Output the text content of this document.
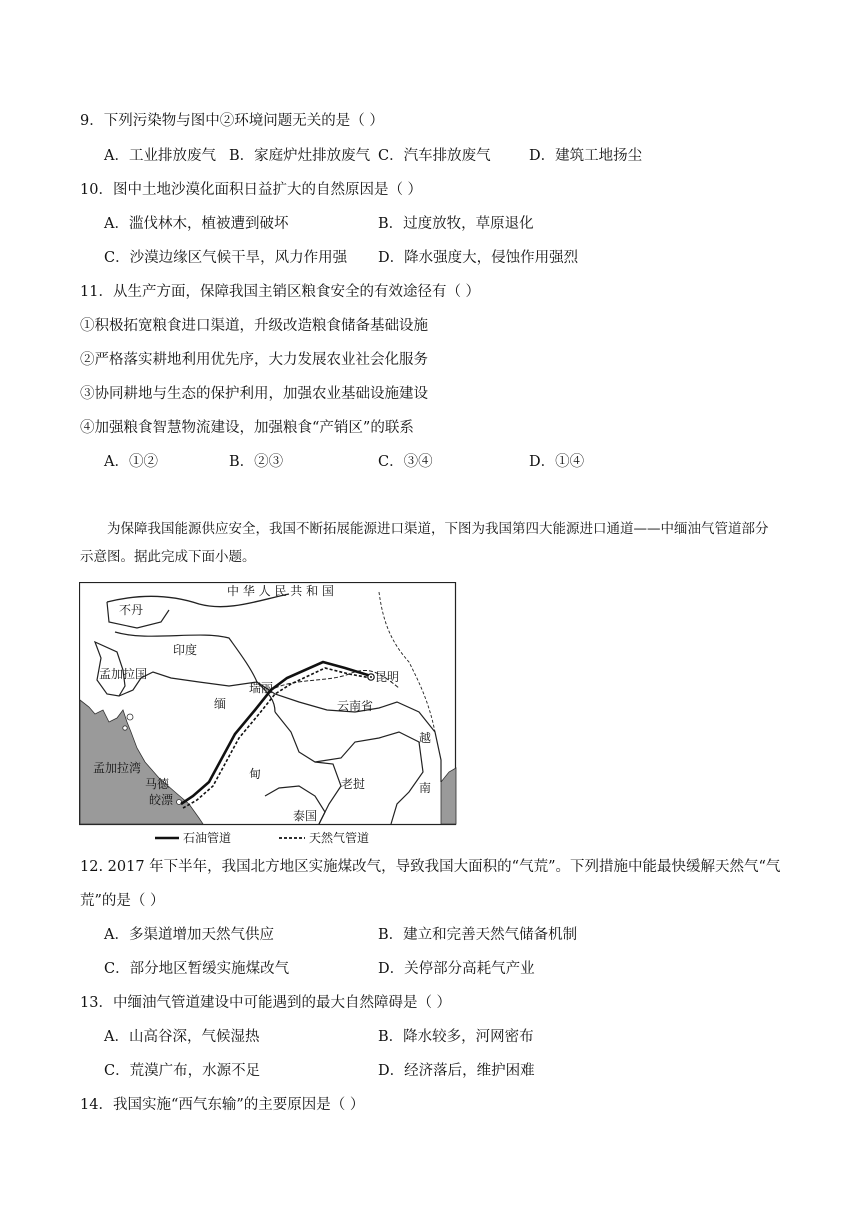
9．下列污染物与图中②环境问题无关的是（ ）
A．工业排放废气 B．家庭炉灶排放废气 C．汽车排放废气	D．建筑工地扬尘
10．图中土地沙漠化面积日益扩大的自然原因是（ ）
A．滥伐林木，植被遭到破坏	B．过度放牧，草原退化
C．沙漠边缘区气候干旱，风力作用强 D．降水强度大，侵蚀作用强烈
11．从生产方面，保障我国主销区粮食安全的有效途径有（ ）
①积极拓宽粮食进口渠道，升级改造粮食储备基础设施
②严格落实耕地利用优先序，大力发展农业社会化服务
③协同耕地与生态的保护利用，加强农业基础设施建设
④加强粮食智慧物流建设，加强粮食“产销区”的联系
A．①②	B．②③	C．③④	D．①④
为保障我国能源供应安全，我国不断拓展能源进口渠道，下图为我国第四大能源进口通道——中缅油气管道部分示意图。据此完成下面小题。
中 华 人 民 共 和 国
不丹
印度
孟加拉国
瑞丽
昆明
云南省
缅
甸
越
南
老挝
泰国
孟加拉湾
马德
皎漂
石油管道	天然气管道
12. 2017 年下半年，我国北方地区实施煤改气，导致我国大面积的“气荒”。下列措施中能最快缓解天然气“气
荒”的是（ ）
A．多渠道增加天然气供应	B．建立和完善天然气储备机制
C．部分地区暂缓实施煤改气	D．关停部分高耗气产业
13．中缅油气管道建设中可能遇到的最大自然障碍是（ ）
A．山高谷深，气候湿热	B．降水较多，河网密布
C．荒漠广布，水源不足	D．经济落后，维护困难
14．我国实施“西气东输”的主要原因是（ ）
